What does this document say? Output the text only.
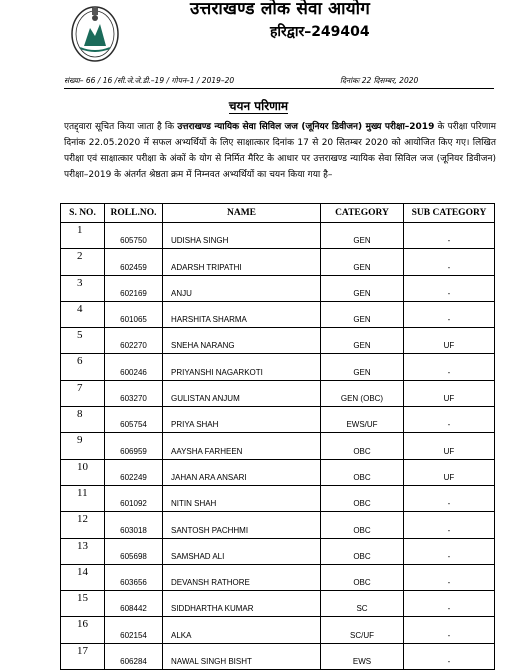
उत्तराखण्ड लोक सेवा आयोग
हरिद्वार–249404
संख्या– 66 / 16 /सी.जे.जे.डी.–19 / गोपन–1 / 2019–20	दिनांकः 22 दिसम्बर, 2020
चयन परिणाम

एतद्द्वारा सूचित किया जाता है कि उत्तराखण्ड न्यायिक सेवा सिविल जज (जूनियर डिवीजन) मुख्य परीक्षा–2019 के परीक्षा परिणाम दिनांक 22.05.2020 में सफल अभ्यर्थियों के लिए साक्षात्कार दिनांक 17 से 20 सितम्बर 2020 को आयोजित किए गए। लिखित परीक्षा एवं साक्षात्कार परीक्षा के अंकों के योग से निर्मित मैरिट के आधार पर उत्तराखण्ड न्यायिक सेवा सिविल जज (जूनियर डिवीजन) परीक्षा–2019 के अंतर्गत श्रेष्ठता क्रम में निम्नवत अभ्यर्थियों का चयन किया गया है–

S. NO.	ROLL.NO.	NAME	CATEGORY	SUB CATEGORY
1	605750	UDISHA SINGH	GEN	-
2	602459	ADARSH TRIPATHI	GEN	-
3	602169	ANJU	GEN	-
4	601065	HARSHITA SHARMA	GEN	-
5	602270	SNEHA NARANG	GEN	UF
6	600246	PRIYANSHI NAGARKOTI	GEN	-
7	603270	GULISTAN ANJUM	GEN (OBC)	UF
8	605754	PRIYA SHAH	EWS/UF	-
9	606959	AAYSHA FARHEEN	OBC	UF
10	602249	JAHAN ARA ANSARI	OBC	UF
11	601092	NITIN SHAH	OBC	-
12	603018	SANTOSH PACHHMI	OBC	-
13	605698	SAMSHAD ALI	OBC	-
14	603656	DEVANSH RATHORE	OBC	-
15	608442	SIDDHARTHA KUMAR	SC	-
16	602154	ALKA	SC/UF	-
17	606284	NAWAL SINGH BISHT	EWS	-
